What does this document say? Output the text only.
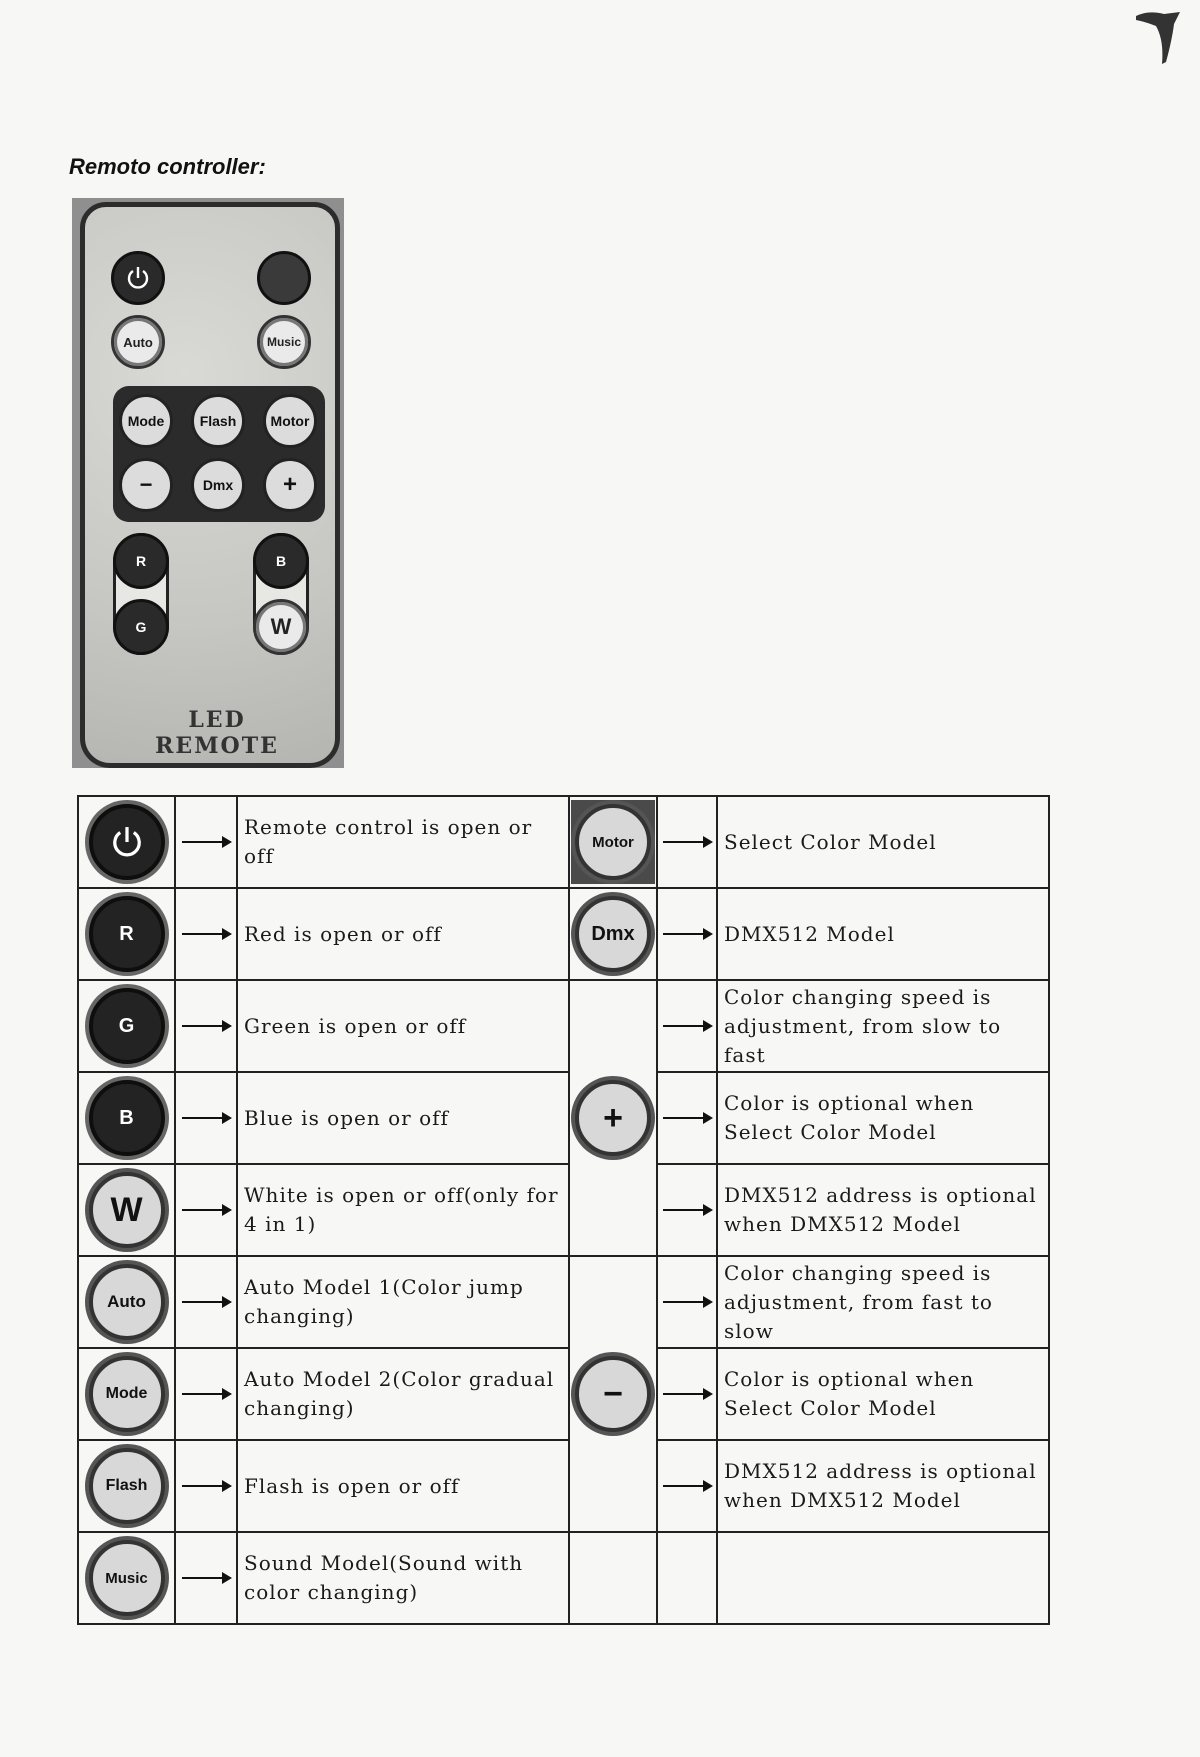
Remoto controller:
Auto	Music
Mode	Flash	Motor
−	Dmx	+
R
G
B
W
LED REMOTE

	Remote control is open or off	Motor		Select Color Model
R		Red is open or off	Dmx		DMX512 Model
G		Green is open or off	+		Color changing speed is adjustment, from slow to fast
B		Blue is open or off			Color is optional when Select Color Model
W		White is open or off(only for 4 in 1)			DMX512 address is optional when DMX512 Model
Auto		Auto Model 1(Color jump changing)	−		Color changing speed is adjustment, from fast to slow
Mode		Auto Model 2(Color gradual changing)			Color is optional when Select Color Model
Flash		Flash is open or off			DMX512 address is optional when DMX512 Model
Music		Sound Model(Sound with color changing)			
